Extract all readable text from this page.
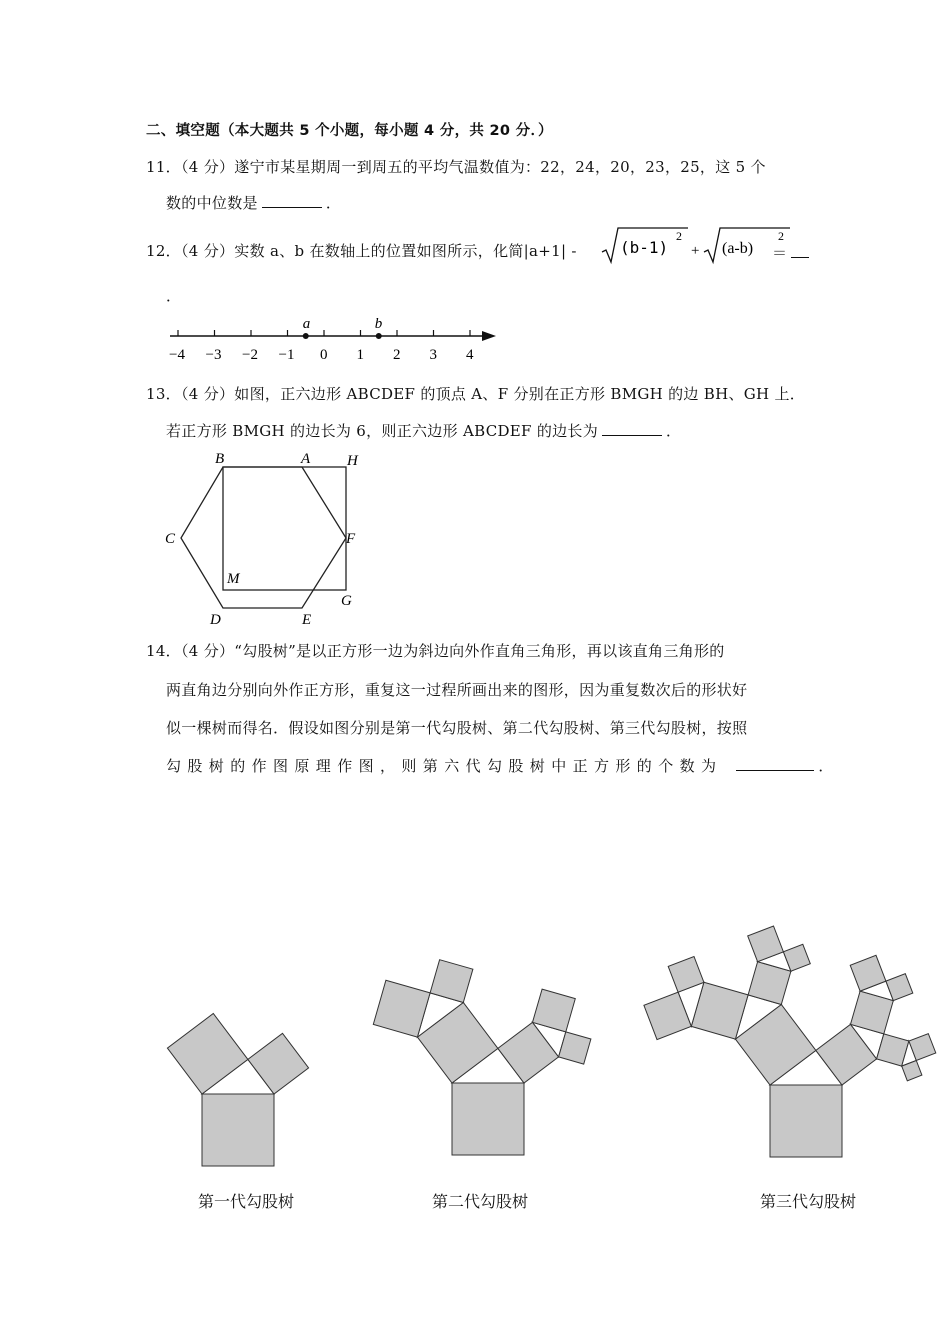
二、填空题（本大题共 5 个小题，每小题 4 分，共 20 分．）
11．（4 分）遂宁市某星期周一到周五的平均气温数值为：22，24，20，23，25，这 5 个
数的中位数是	．
12．（4 分）实数 a、b 在数轴上的位置如图所示，化简|a+1| -	(b-1)
2
+ (a-b)
2
＝
．
−4 −3 −2 −1 0 1 2 3 4
a	b
13．（4 分）如图，正六边形 ABCDEF 的顶点 A、F 分别在正方形 BMGH 的边 BH、GH 上．
若正方形 BMGH 的边长为 6，则正六边形 ABCDEF 的边长为	．
B	A H
C	F
M
G
D	E
14．（4 分）“勾股树”是以正方形一边为斜边向外作直角三角形，再以该直角三角形的
两直角边分别向外作正方形，重复这一过程所画出来的图形，因为重复数次后的形状好
似一棵树而得名．假设如图分别是第一代勾股树、第二代勾股树、第三代勾股树，按照
勾股树的作图原理作图，则第六代勾股树中正方形的个数为	．
第一代勾股树	第二代勾股树	第三代勾股树
